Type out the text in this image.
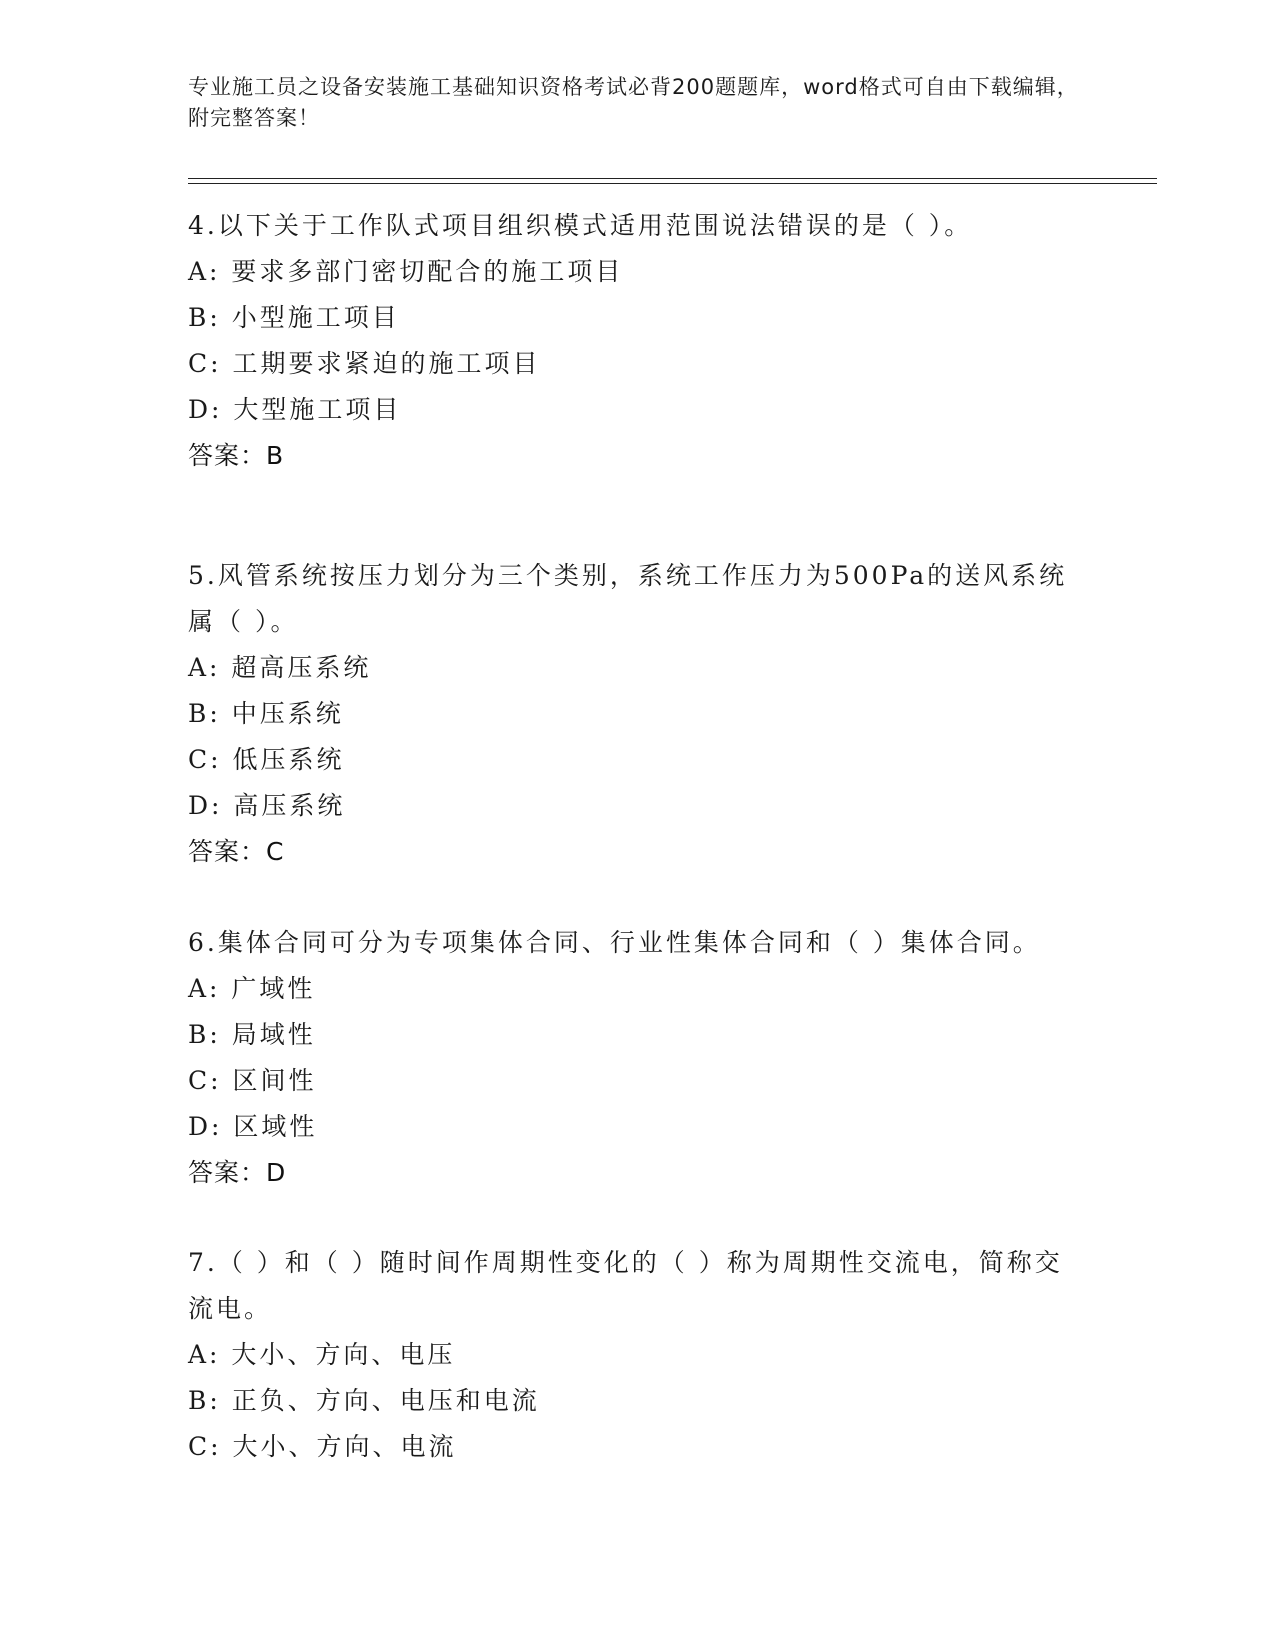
专业施工员之设备安装施工基础知识资格考试必背200题题库，word格式可自由下载编辑，附完整答案！
4.以下关于工作队式项目组织模式适用范围说法错误的是（ ）。
A: 要求多部门密切配合的施工项目
B: 小型施工项目
C: 工期要求紧迫的施工项目
D: 大型施工项目
答案：B
5.风管系统按压力划分为三个类别，系统工作压力为500Pa的送风系统属（ ）。
A: 超高压系统
B: 中压系统
C: 低压系统
D: 高压系统
答案：C
6.集体合同可分为专项集体合同、行业性集体合同和（ ）集体合同。
A: 广域性
B: 局域性
C: 区间性
D: 区域性
答案：D
7.（ ）和（ ）随时间作周期性变化的（ ）称为周期性交流电，简称交流电。
A: 大小、方向、电压
B: 正负、方向、电压和电流
C: 大小、方向、电流
